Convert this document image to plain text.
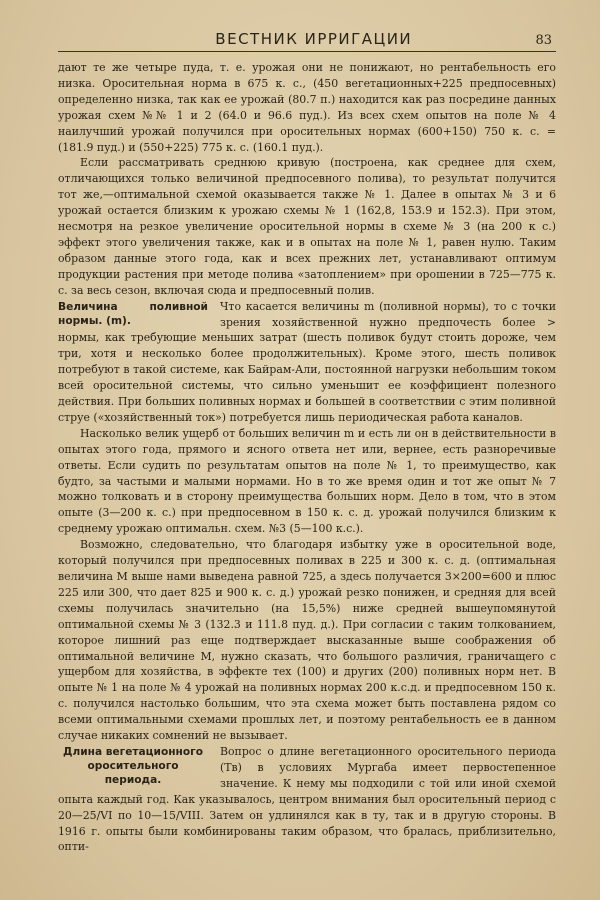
ВЕСТНИК ИРРИГАЦИИ	83

дают те же четыре пуда, т. е. урожая они не понижают, но рентабельность его низка. Оросительная норма в 675 к. с., (450 вегетационных+225 предпосевных) определенно низка, так как ее урожай (80.7 п.) находится как раз посредине данных урожая схем №№ 1 и 2 (64.0 и 96.6 пуд.). Из всех схем опытов на поле № 4 наилучший урожай получился при оросительных нормах (600+150) 750 к. с. = (181.9 пуд.) и (550+225) 775 к. с. (160.1 пуд.).

Если рассматривать среднюю кривую (построена, как среднее для схем, отличающихся только величиной предпосевного полива), то результат получится тот же,—оптимальной схемой оказывается также № 1. Далее в опытах № 3 и 6 урожай остается близким к урожаю схемы № 1 (162,8, 153.9 и 152.3). При этом, несмотря на резкое увеличение оросительной нормы в схеме № 3 (на 200 к с.) эффект этого увеличения также, как и в опытах на поле № 1, равен нулю. Таким образом данные этого года, как и всех прежних лет, устанавливают оптимум продукции растения при методе полива «затоплением» при орошении в 725—775 к. с. за весь сезон, включая сюда и предпосевный полив.

Величина поливной нормы. (m).

Что касается величины m (поливной нормы), то с точки зрения хозяйственной нужно предпочесть более > нормы, как требующие меньших затрат (шесть поливок будут стоить дороже, чем три, хотя и несколько более продолжительных). Кроме этого, шесть поливок потребуют в такой системе, как Байрам-Али, постоянной нагрузки небольшим током всей оросительной системы, что сильно уменьшит ее коэффициент полезного действия. При больших поливных нормах и большей в соответствии с этим поливной струе («хозяйственный ток») потребуется лишь периодическая работа каналов.

Насколько велик ущерб от больших величин m и есть ли он в действительности в опытах этого года, прямого и ясного ответа нет или, вернее, есть разноречивые ответы. Если судить по результатам опытов на поле № 1, то преимущество, как будто, за частыми и малыми нормами. Но в то же время один и тот же опыт № 7 можно толковать и в сторону преимущества больших норм. Дело в том, что в этом опыте (3—200 к. с.) при предпосевном в 150 к. с. д. урожай получился близким к среднему урожаю оптимальн. схем. №3 (5—100 к.с.).

Возможно, следовательно, что благодаря избытку уже в оросительной воде, который получился при предпосевных поливах в 225 и 300 к. с. д. (оптимальная величина M выше нами выведена равной 725, а здесь получается 3×200=600 и плюс 225 или 300, что дает 825 и 900 к. с. д.) урожай резко понижен, и средняя для всей схемы получилась значительно (на 15,5%) ниже средней вышеупомянутой оптимальной схемы № 3 (132.3 и 111.8 пуд. д.). При согласии с таким толкованием, которое лишний раз еще подтверждает высказанные выше соображения об оптимальной величине M, нужно сказать, что большого различия, граничащего с ущербом для хозяйства, в эффекте тех (100) и других (200) поливных норм нет. В опыте № 1 на поле № 4 урожай на поливных нормах 200 к.с.д. и предпосевном 150 к. с. получился настолько большим, что эта схема может быть поставлена рядом со всеми оптимальными схемами прошлых лет, и поэтому рентабельность ее в данном случае никаких сомнений не вызывает.

Длина вегетационного оросительного периода.

Вопрос о длине вегетационного оросительного периода (Tв) в условиях Мургаба имеет первостепенное значение. К нему мы подходили с той или иной схемой опыта каждый год. Как указывалось, центром внимания был оросительный период с 20—25/VI по 10—15/VIII. Затем он удлинялся как в ту, так и в другую стороны. В 1916 г. опыты были комбинированы таким образом, что бралась, приблизительно, опти-
